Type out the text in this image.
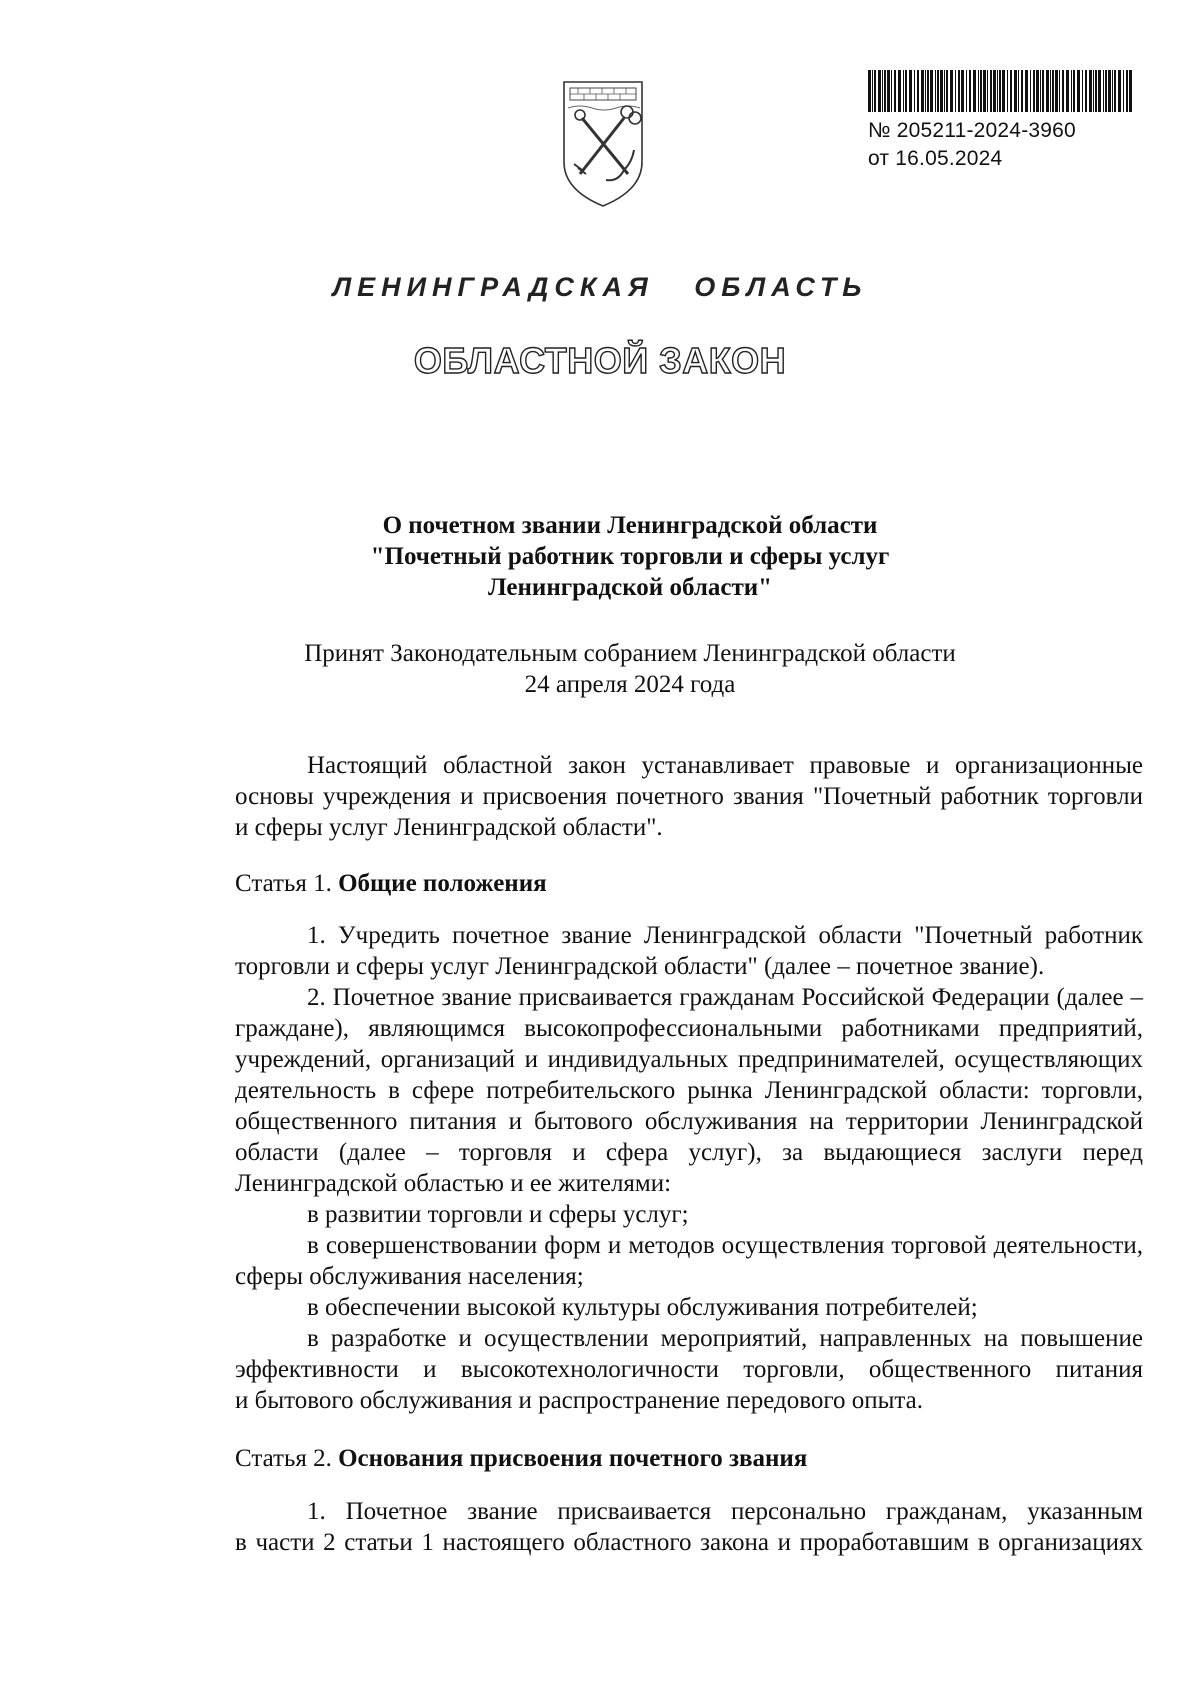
№ 205211-2024-3960
от 16.05.2024
ЛЕНИНГРАДСКАЯ   ОБЛАСТЬ
ОБЛАСТНОЙ ЗАКОН
О почетном звании Ленинградской области
"Почетный работник торговли и сферы услуг
Ленинградской области"
Принят Законодательным собранием Ленинградской области
24 апреля 2024 года
Настоящий областной закон устанавливает правовые и организационные
основы учреждения и присвоения почетного звания "Почетный работник торговли
и сферы услуг Ленинградской области".
Статья 1. Общие положения
1. Учредить почетное звание Ленинградской области "Почетный работник
торговли и сферы услуг Ленинградской области" (далее – почетное звание).
2. Почетное звание присваивается гражданам Российской Федерации (далее –
граждане), являющимся высокопрофессиональными работниками предприятий,
учреждений, организаций и индивидуальных предпринимателей, осуществляющих
деятельность в сфере потребительского рынка Ленинградской области: торговли,
общественного питания и бытового обслуживания на территории Ленинградской
области (далее – торговля и сфера услуг), за выдающиеся заслуги перед
Ленинградской областью и ее жителями:
в развитии торговли и сферы услуг;
в совершенствовании форм и методов осуществления торговой деятельности,
сферы обслуживания населения;
в обеспечении высокой культуры обслуживания потребителей;
в разработке и осуществлении мероприятий, направленных на повышение
эффективности и высокотехнологичности торговли, общественного питания
и бытового обслуживания и распространение передового опыта.
Статья 2. Основания присвоения почетного звания
1. Почетное звание присваивается персонально гражданам, указанным
в части 2 статьи 1 настоящего областного закона и проработавшим в организациях
